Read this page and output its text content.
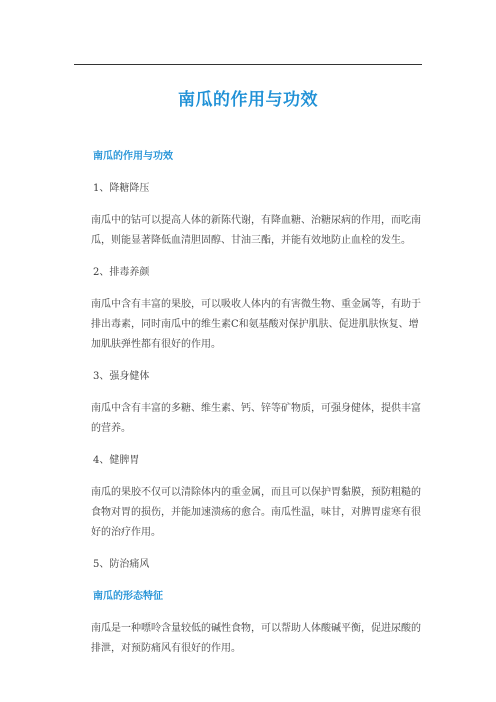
南瓜的作用与功效
南瓜的作用与功效
1、降糖降压

南瓜中的钴可以提高人体的新陈代谢，有降血糖、治糖尿病的作用，而吃南瓜，则能显著降低血清胆固醇、甘油三酯，并能有效地防止血栓的发生。

2、排毒养颜

南瓜中含有丰富的果胶，可以吸收人体内的有害微生物、重金属等，有助于排出毒素，同时南瓜中的维生素C和氨基酸对保护肌肤、促进肌肤恢复、增加肌肤弹性都有很好的作用。

3、强身健体

南瓜中含有丰富的多糖、维生素、钙、锌等矿物质，可强身健体，提供丰富的营养。

4、健脾胃

南瓜的果胶不仅可以清除体内的重金属，而且可以保护胃黏膜，预防粗糙的食物对胃的损伤，并能加速溃疡的愈合。南瓜性温，味甘，对脾胃虚寒有很好的治疗作用。

5、防治痛风
南瓜的形态特征

南瓜是一种嘌呤含量较低的碱性食物，可以帮助人体酸碱平衡，促进尿酸的排泄，对预防痛风有很好的作用。
